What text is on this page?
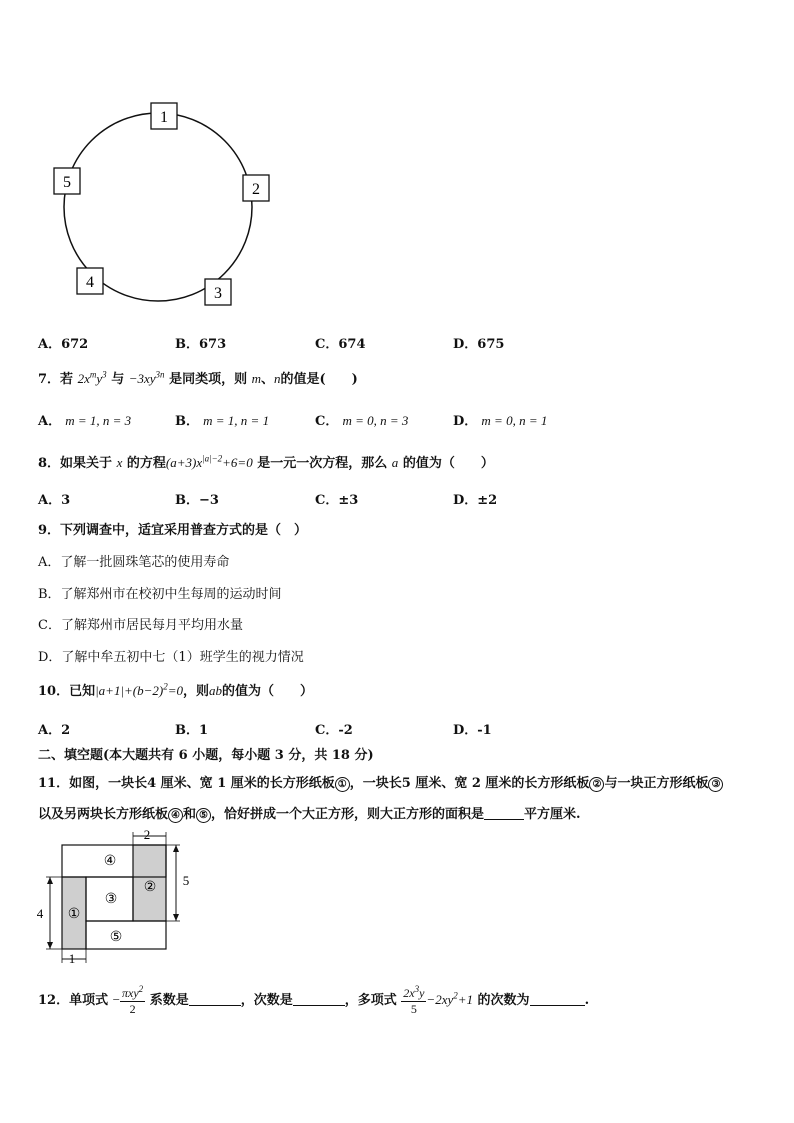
1
2
3
4
5
A．672	B．673	C．674	D．675
7．若 $2x^my^3$ 与 $-3xy^{3n}$ 是同类项，则 m、n的值是(　　)
A． m = 1, n = 3	B． m = 1, n = 1	C． m = 0, n = 3	D． m = 0, n = 1
8．如果关于 x 的方程$(a+3)x^{|a|-2}+6=0$ 是一元一次方程，那么 a 的值为（　　）
A．3	B．−3	C．±3	D．±2
9．下列调查中，适宜采用普查方式的是（　）
A．了解一批圆珠笔芯的使用寿命
B．了解郑州市在校初中生每周的运动时间
C．了解郑州市居民每月平均用水量
D．了解中牟五初中七（1）班学生的视力情况
10．已知$|a+1|+(b-2)^2=0$，则ab的值为（　　）
A．2	B．1	C．-2	D．-1
二、填空题(本大题共有 6 小题，每小题 3 分，共 18 分)
11．如图，一块长4 厘米、宽 1 厘米的长方形纸板 ① ，一块长5 厘米、宽 2 厘米的长方形纸板 ② 与一块正方形纸板 ③
以及另两块长方形纸板 ④ 和 ⑤ ，恰好拼成一个大正方形，则大正方形的面积是	平方厘米.
2
5
4
1
④
③
②
①
⑤
12．单项式 − $\frac{\pi xy^2}{2}$ 系数是	，次数是	，多项式 $\frac{2x^3y}{5} -2xy^2+1$ 的次数为	.
